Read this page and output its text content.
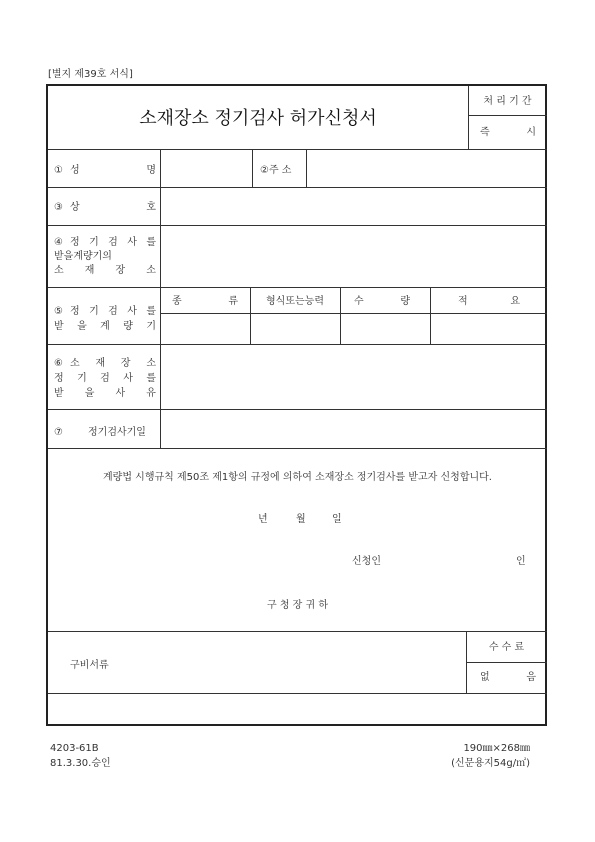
[별지 제39호 서식]
소재장소 정기검사 허가신청서
처 리 기 간
즉	시
① 성	명	②주 소
③ 상	호
④ 정 기 검 사 를
받을계량기의
소 재 장 소
⑤ 정 기 검 사 를
받 을 계 량 기
종	류	형식또는능력	수	량	적	요
⑥ 소 재 장 소
정 기 검 사 를
받 을 사 유
⑦	정기검사기일
계량법 시행규칙 제50조 제1항의 규정에 의하여 소재장소 정기검사를 받고자 신청합니다.
년	월	일
신청인	인
구 청 장 귀 하
구비서류
수 수 료
없	음
4203-61B
81.3.30.승인
190㎜×268㎜
(신문용지54g/㎡)
